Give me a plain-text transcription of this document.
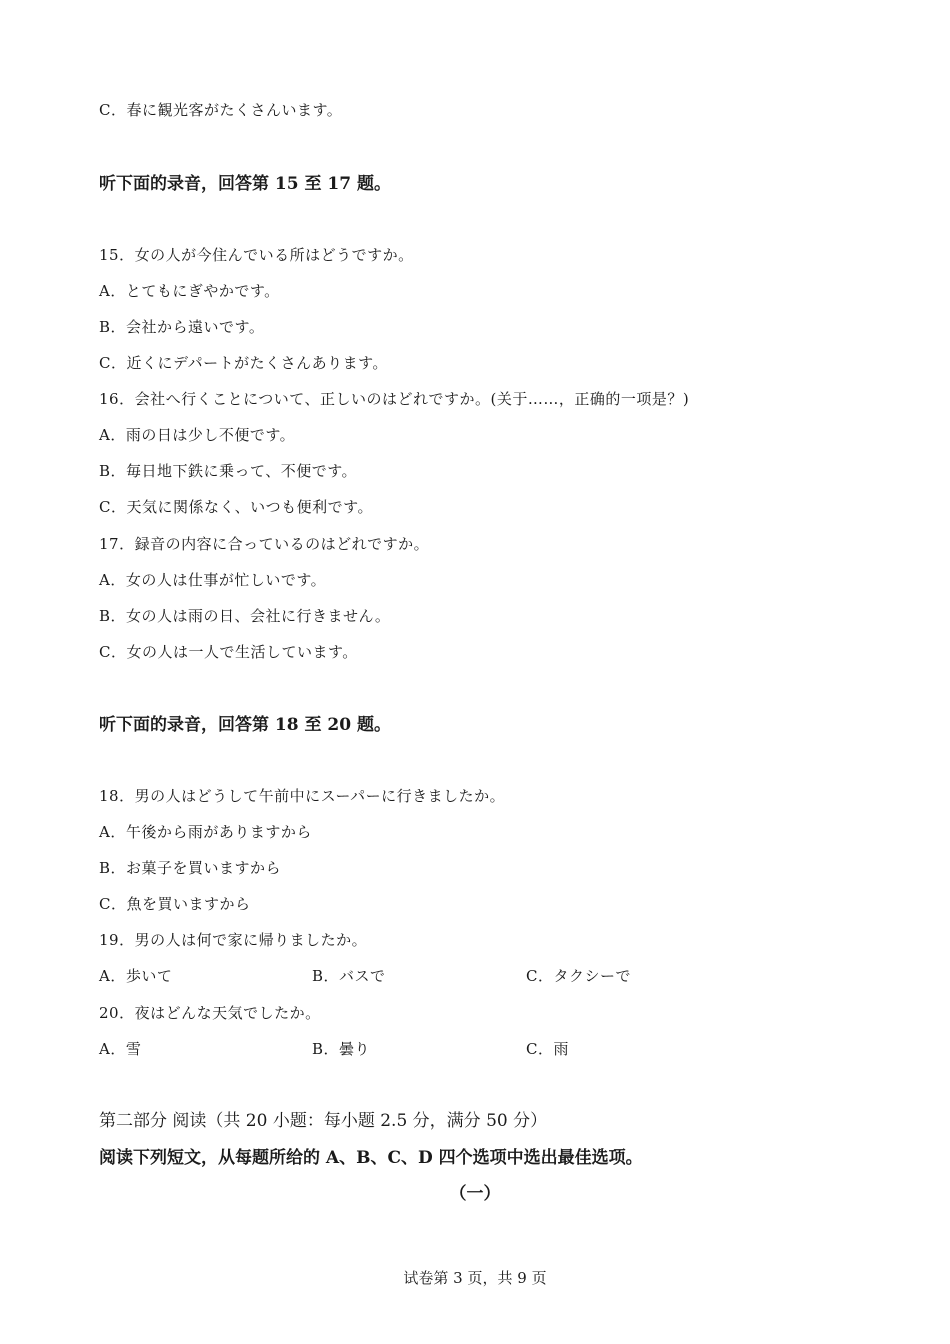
C．春に観光客がたくさんいます。
听下面的录音，回答第 15 至 17 题。
15．女の人が今住んでいる所はどうですか。
A．とてもにぎやかです。
B．会社から遠いです。
C．近くにデパートがたくさんあります。
16．会社へ行くことについて、正しいのはどれですか。(关于……，正确的一项是？)
A．雨の日は少し不便です。
B．毎日地下鉄に乗って、不便です。
C．天気に関係なく、いつも便利です。
17．録音の内容に合っているのはどれですか。
A．女の人は仕事が忙しいです。
B．女の人は雨の日、会社に行きません。
C．女の人は一人で生活しています。
听下面的录音，回答第 18 至 20 题。
18．男の人はどうして午前中にスーパーに行きましたか。
A．午後から雨がありますから
B．お菓子を買いますから
C．魚を買いますから
19．男の人は何で家に帰りましたか。
A．歩いて	B．バスで	C．タクシーで
20．夜はどんな天気でしたか。
A．雪	B．曇り	C．雨
第二部分 阅读（共 20 小题：每小题 2.5 分，满分 50 分）
阅读下列短文，从每题所给的 A、B、C、D 四个选项中选出最佳选项。
（一）
试卷第 3 页，共 9 页
